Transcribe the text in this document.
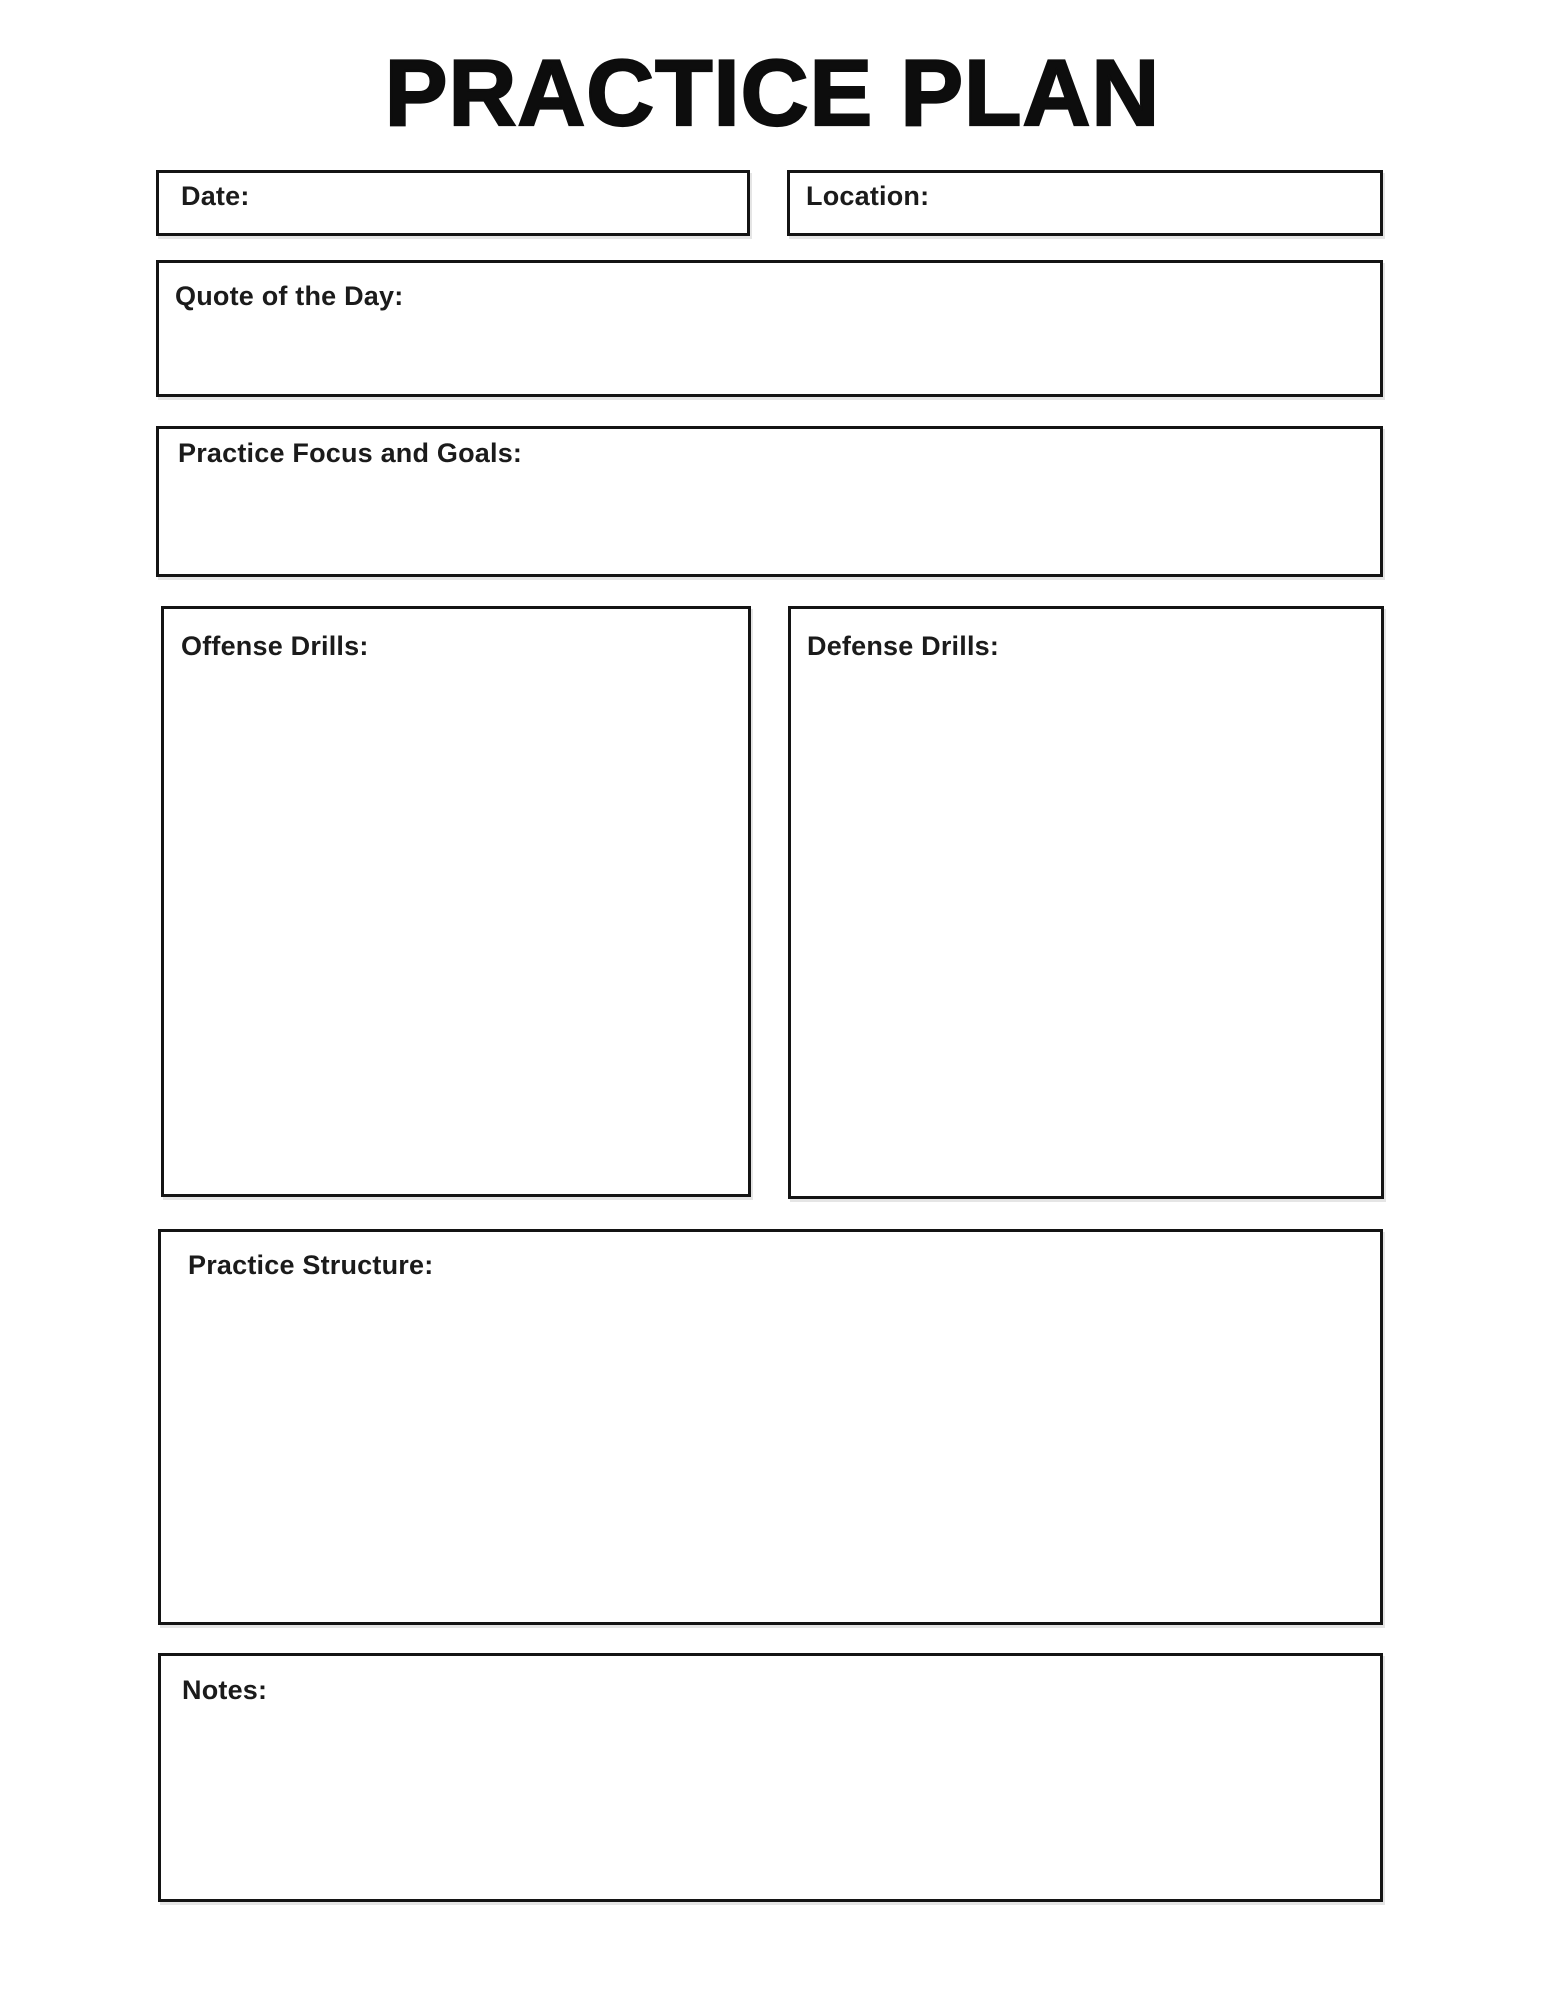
PRACTICE PLAN
Date:	Location:
Quote of the Day:
Practice Focus and Goals:
Offense Drills:	Defense Drills:
Practice Structure:
Notes:
